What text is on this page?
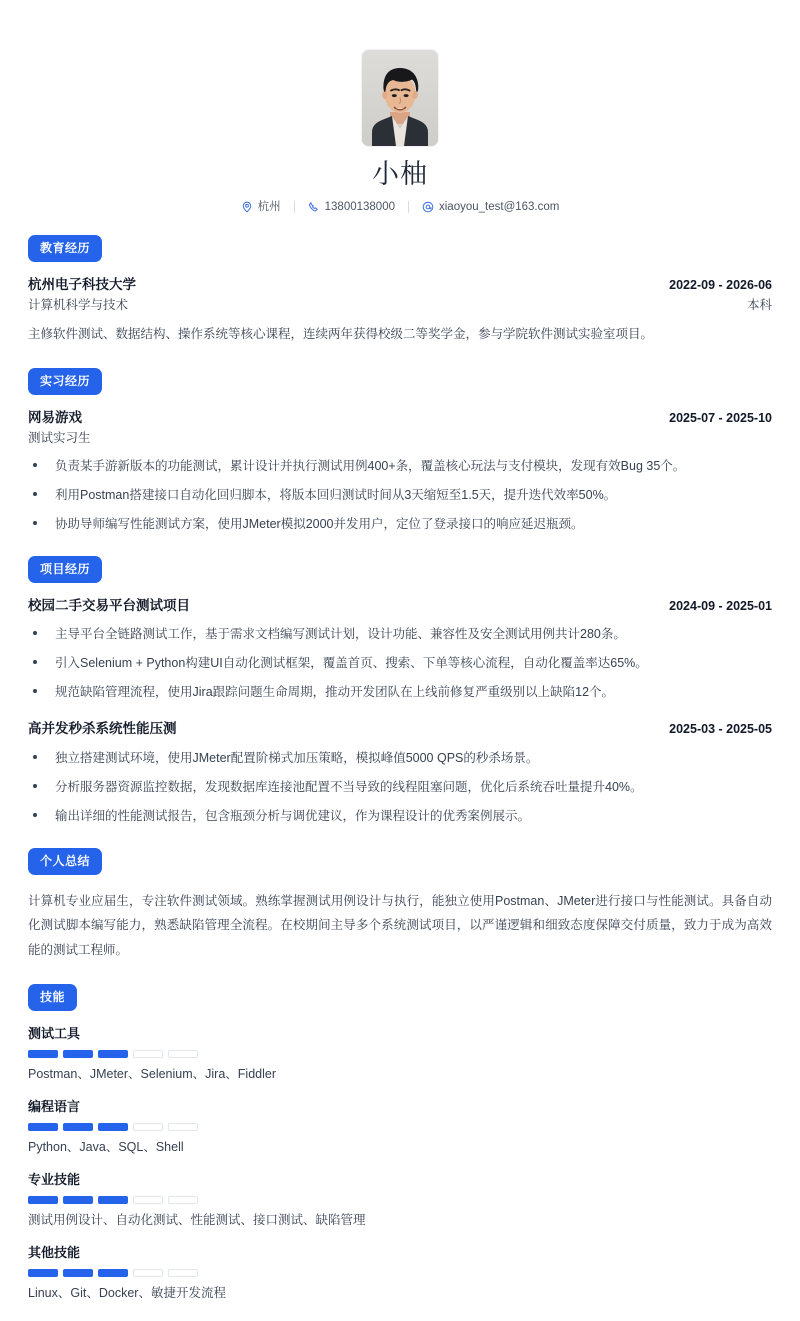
小柚
杭州	13800138000	xiaoyou_test@163.com
教育经历
杭州电子科技大学	2022-09 - 2026-06
计算机科学与技术	本科
主修软件测试、数据结构、操作系统等核心课程，连续两年获得校级二等奖学金，参与学院软件测试实验室项目。
实习经历
网易游戏	2025-07 - 2025-10
测试实习生
负责某手游新版本的功能测试，累计设计并执行测试用例400+条，覆盖核心玩法与支付模块，发现有效Bug 35个。
利用Postman搭建接口自动化回归脚本，将版本回归测试时间从3天缩短至1.5天，提升迭代效率50%。
协助导师编写性能测试方案，使用JMeter模拟2000并发用户，定位了登录接口的响应延迟瓶颈。
项目经历
校园二手交易平台测试项目	2024-09 - 2025-01
主导平台全链路测试工作，基于需求文档编写测试计划，设计功能、兼容性及安全测试用例共计280条。
引入Selenium + Python构建UI自动化测试框架，覆盖首页、搜索、下单等核心流程，自动化覆盖率达65%。
规范缺陷管理流程，使用Jira跟踪问题生命周期，推动开发团队在上线前修复严重级别以上缺陷12个。
高并发秒杀系统性能压测	2025-03 - 2025-05
独立搭建测试环境，使用JMeter配置阶梯式加压策略，模拟峰值5000 QPS的秒杀场景。
分析服务器资源监控数据，发现数据库连接池配置不当导致的线程阻塞问题，优化后系统吞吐量提升40%。
输出详细的性能测试报告，包含瓶颈分析与调优建议，作为课程设计的优秀案例展示。
个人总结
计算机专业应届生，专注软件测试领域。熟练掌握测试用例设计与执行，能独立使用Postman、JMeter进行接口与性能测试。具备自动化测试脚本编写能力，熟悉缺陷管理全流程。在校期间主导多个系统测试项目，以严谨逻辑和细致态度保障交付质量，致力于成为高效能的测试工程师。
技能
测试工具
Postman、JMeter、Selenium、Jira、Fiddler
编程语言
Python、Java、SQL、Shell
专业技能
测试用例设计、自动化测试、性能测试、接口测试、缺陷管理
其他技能
Linux、Git、Docker、敏捷开发流程
